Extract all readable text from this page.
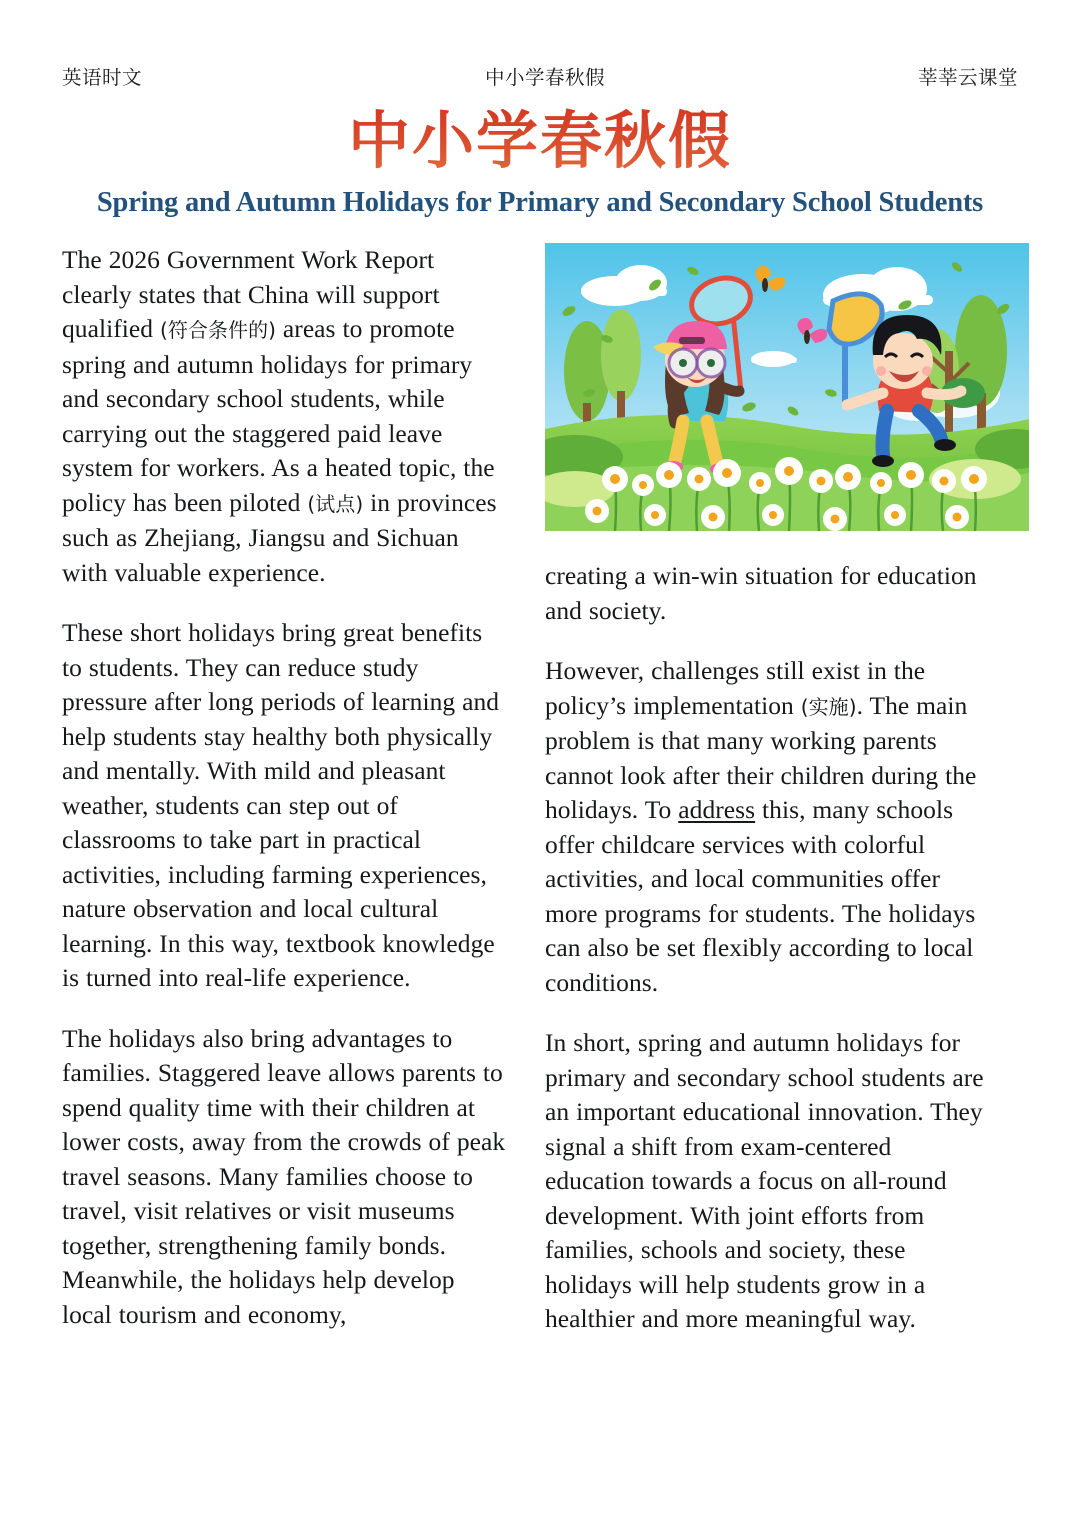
英语时文	中小学春秋假	莘莘云课堂
中小学春秋假
Spring and Autumn Holidays for Primary and Secondary School Students

The 2026 Government Work Report clearly states that China will support qualified (符合条件的) areas to promote spring and autumn holidays for primary and secondary school students, while carrying out the staggered paid leave system for workers. As a heated topic, the policy has been piloted (试点) in provinces such as Zhejiang, Jiangsu and Sichuan with valuable experience.

These short holidays bring great benefits to students. They can reduce study pressure after long periods of learning and help students stay healthy both physically and mentally. With mild and pleasant weather, students can step out of classrooms to take part in practical activities, including farming experiences, nature observation and local cultural learning. In this way, textbook knowledge is turned into real-life experience.

The holidays also bring advantages to families. Staggered leave allows parents to spend quality time with their children at lower costs, away from the crowds of peak travel seasons. Many families choose to travel, visit relatives or visit museums together, strengthening family bonds. Meanwhile, the holidays help develop local tourism and economy,

creating a win-win situation for education and society.

However, challenges still exist in the policy’s implementation (实施). The main problem is that many working parents cannot look after their children during the holidays. To address this, many schools offer childcare services with colorful activities, and local communities offer more programs for students. The holidays can also be set flexibly according to local conditions.

In short, spring and autumn holidays for primary and secondary school students are an important educational innovation. They signal a shift from exam-centered education towards a focus on all-round development. With joint efforts from families, schools and society, these holidays will help students grow in a healthier and more meaningful way.
